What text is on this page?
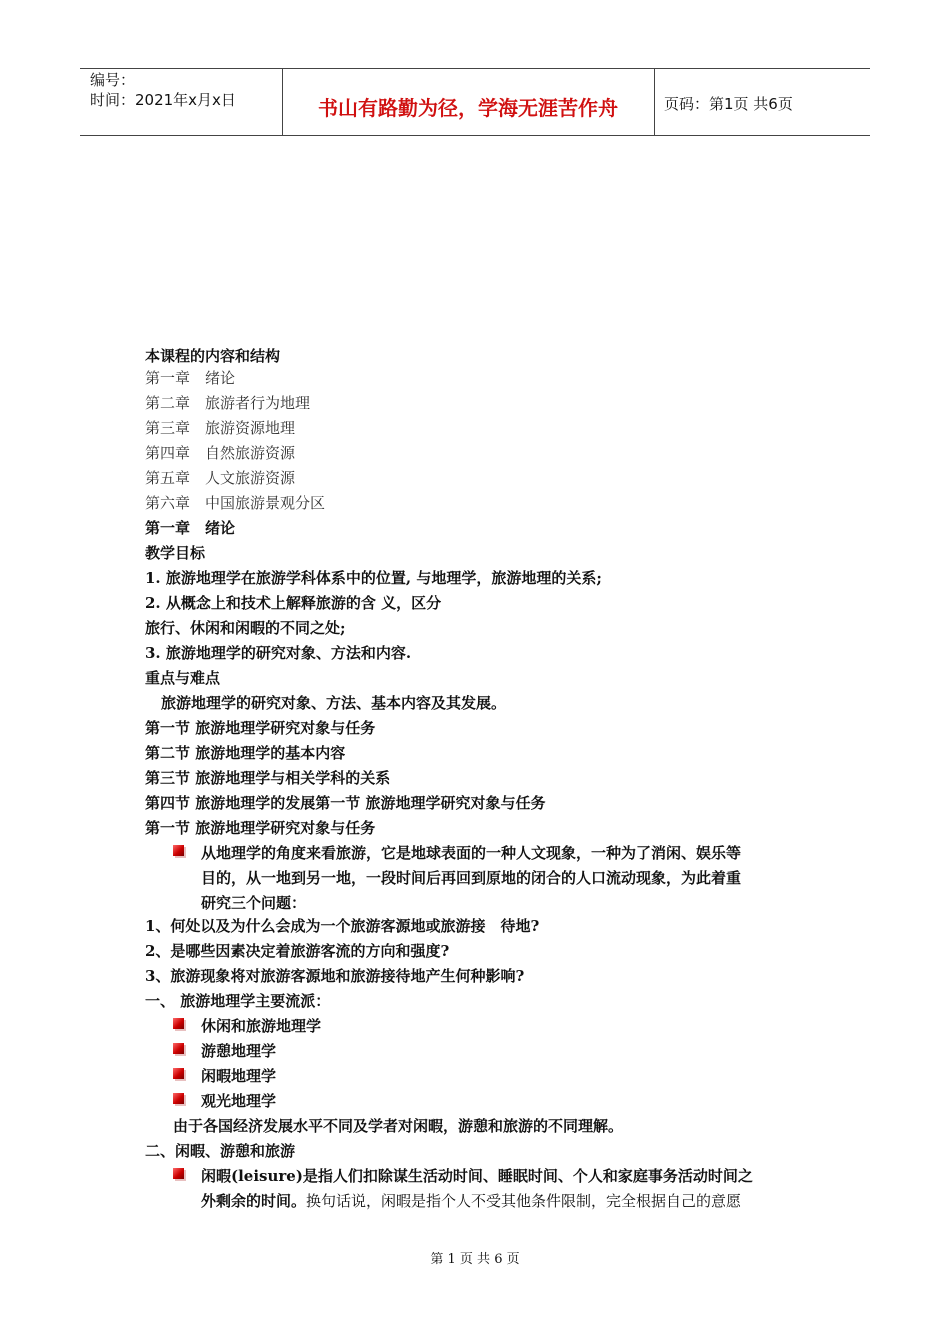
编号：
时间：2021年x月x日	书山有路勤为径，学海无涯苦作舟	页码：第1页 共6页
本课程的内容和结构
第一章　绪论
第二章　旅游者行为地理
第三章　旅游资源地理
第四章　自然旅游资源
第五章　人文旅游资源
第六章　中国旅游景观分区
第一章　绪论
教学目标
1. 旅游地理学在旅游学科体系中的位置, 与地理学，旅游地理的关系;
2. 从概念上和技术上解释旅游的含 义，区分
旅行、休闲和闲暇的不同之处;
3. 旅游地理学的研究对象、方法和内容.
重点与难点
旅游地理学的研究对象、方法、基本内容及其发展。
第一节 旅游地理学研究对象与任务
第二节 旅游地理学的基本内容
第三节 旅游地理学与相关学科的关系
第四节 旅游地理学的发展第一节 旅游地理学研究对象与任务
第一节 旅游地理学研究对象与任务
从地理学的角度来看旅游，它是地球表面的一种人文现象，一种为了消闲、娱乐等
目的，从一地到另一地，一段时间后再回到原地的闭合的人口流动现象，为此着重
研究三个问题：
1、何处以及为什么会成为一个旅游客源地或旅游接　待地?
2、是哪些因素决定着旅游客流的方向和强度?
3、旅游现象将对旅游客源地和旅游接待地产生何种影响?
一、 旅游地理学主要流派：
休闲和旅游地理学
游憩地理学
闲暇地理学
观光地理学
由于各国经济发展水平不同及学者对闲暇，游憩和旅游的不同理解。
二、闲暇、游憩和旅游
闲暇(leisure)是指人们扣除谋生活动时间、睡眠时间、个人和家庭事务活动时间之
外剩余的时间。换句话说，闲暇是指个人不受其他条件限制，完全根据自己的意愿
第 1 页 共 6 页
